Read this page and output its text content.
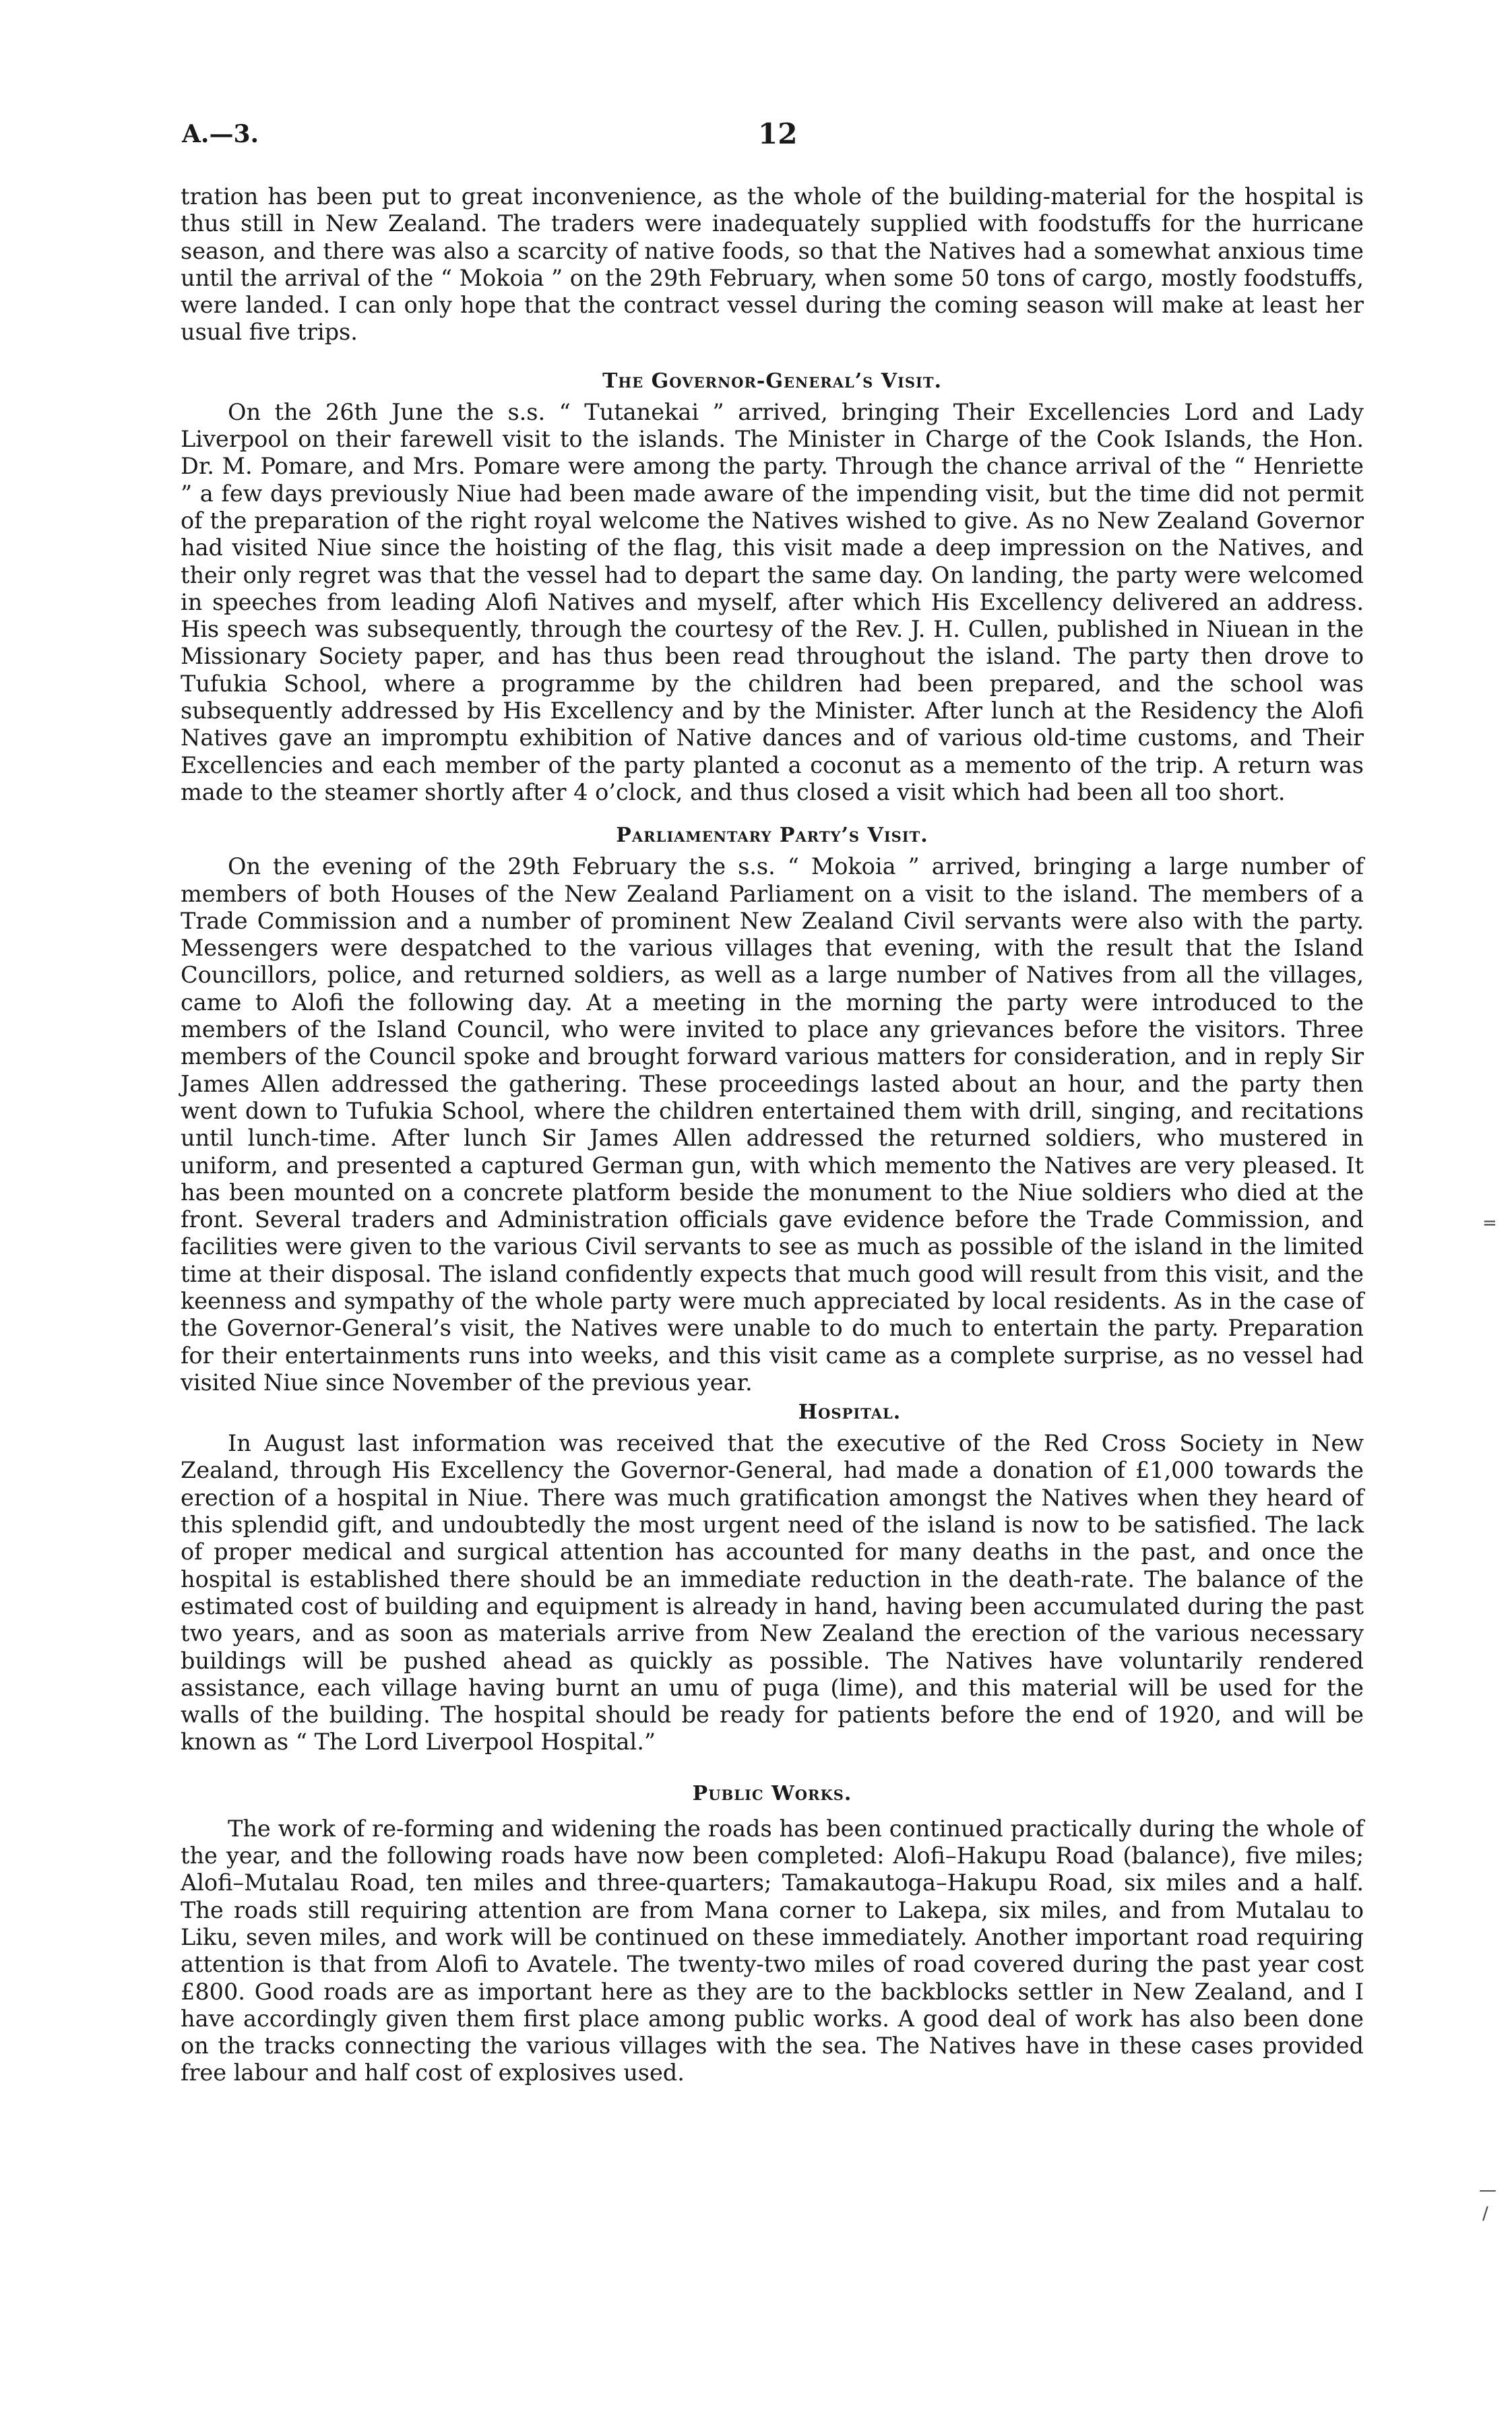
A.—3.	12

tration has been put to great inconvenience, as the whole of the building-material for the hospital is thus still in New Zealand. The traders were inadequately supplied with foodstuffs for the hurricane season, and there was also a scarcity of native foods, so that the Natives had a somewhat anxious time until the arrival of the “ Mokoia ” on the 29th February, when some 50 tons of cargo, mostly foodstuffs, were landed. I can only hope that the contract vessel during the coming season will make at least her usual five trips.

The Governor-General’s Visit.

On the 26th June the s.s. “ Tutanekai ” arrived, bringing Their Excellencies Lord and Lady Liverpool on their farewell visit to the islands. The Minister in Charge of the Cook Islands, the Hon. Dr. M. Pomare, and Mrs. Pomare were among the party. Through the chance arrival of the “ Henriette ” a few days previously Niue had been made aware of the impending visit, but the time did not permit of the preparation of the right royal welcome the Natives wished to give. As no New Zealand Governor had visited Niue since the hoisting of the flag, this visit made a deep impression on the Natives, and their only regret was that the vessel had to depart the same day. On landing, the party were welcomed in speeches from leading Alofi Natives and myself, after which His Excellency delivered an address. His speech was subsequently, through the courtesy of the Rev. J. H. Cullen, published in Niuean in the Missionary Society paper, and has thus been read throughout the island. The party then drove to Tufukia School, where a programme by the children had been prepared, and the school was subsequently addressed by His Excellency and by the Minister. After lunch at the Residency the Alofi Natives gave an impromptu exhibition of Native dances and of various old-time customs, and Their Excellencies and each member of the party planted a coconut as a memento of the trip. A return was made to the steamer shortly after 4 o’clock, and thus closed a visit which had been all too short.

Parliamentary Party’s Visit.

On the evening of the 29th February the s.s. “ Mokoia ” arrived, bringing a large number of members of both Houses of the New Zealand Parliament on a visit to the island. The members of a Trade Commission and a number of prominent New Zealand Civil servants were also with the party. Messengers were despatched to the various villages that evening, with the result that the Island Councillors, police, and returned soldiers, as well as a large number of Natives from all the villages, came to Alofi the following day. At a meeting in the morning the party were introduced to the members of the Island Council, who were invited to place any grievances before the visitors. Three members of the Council spoke and brought forward various matters for consideration, and in reply Sir James Allen addressed the gathering. These proceedings lasted about an hour, and the party then went down to Tufukia School, where the children entertained them with drill, singing, and recitations until lunch-time. After lunch Sir James Allen addressed the returned soldiers, who mustered in uniform, and presented a captured German gun, with which memento the Natives are very pleased. It has been mounted on a concrete platform beside the monument to the Niue soldiers who died at the front. Several traders and Administration officials gave evidence before the Trade Commission, and facilities were given to the various Civil servants to see as much as possible of the island in the limited time at their disposal. The island confidently expects that much good will result from this visit, and the keenness and sympathy of the whole party were much appreciated by local residents. As in the case of the Governor-General’s visit, the Natives were unable to do much to entertain the party. Preparation for their entertainments runs into weeks, and this visit came as a complete surprise, as no vessel had visited Niue since November of the previous year.

Hospital.

In August last information was received that the executive of the Red Cross Society in New Zealand, through His Excellency the Governor-General, had made a donation of £1,000 towards the erection of a hospital in Niue. There was much gratification amongst the Natives when they heard of this splendid gift, and undoubtedly the most urgent need of the island is now to be satisfied. The lack of proper medical and surgical attention has accounted for many deaths in the past, and once the hospital is established there should be an immediate reduction in the death-rate. The balance of the estimated cost of building and equipment is already in hand, having been accumulated during the past two years, and as soon as materials arrive from New Zealand the erection of the various necessary buildings will be pushed ahead as quickly as possible. The Natives have voluntarily rendered assistance, each village having burnt an umu of puga (lime), and this material will be used for the walls of the building. The hospital should be ready for patients before the end of 1920, and will be known as “ The Lord Liverpool Hospital.”

Public Works.

The work of re-forming and widening the roads has been continued practically during the whole of the year, and the following roads have now been completed: Alofi–Hakupu Road (balance), five miles; Alofi–Mutalau Road, ten miles and three-quarters; Tamakautoga–Hakupu Road, six miles and a half. The roads still requiring attention are from Mana corner to Lakepa, six miles, and from Mutalau to Liku, seven miles, and work will be continued on these immediately. Another important road requiring attention is that from Alofi to Avatele. The twenty-two miles of road covered during the past year cost £800. Good roads are as important here as they are to the backblocks settler in New Zealand, and I have accordingly given them first place among public works. A good deal of work has also been done on the tracks connecting the various villages with the sea. The Natives have in these cases provided free labour and half cost of explosives used.

=
—
/
